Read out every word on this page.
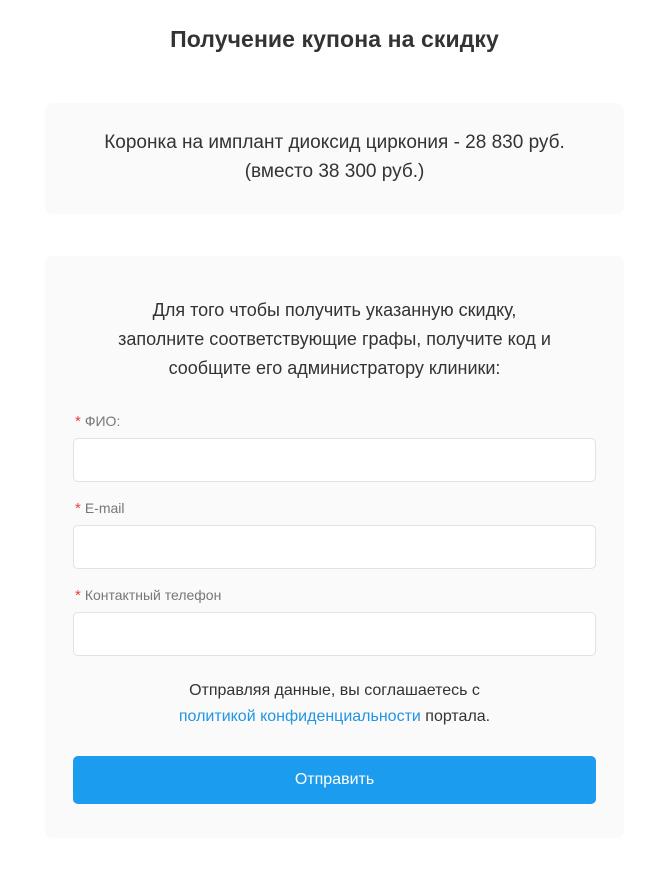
Получение купона на скидку
Коронка на имплант диоксид циркония - 28 830 руб.
(вместо 38 300 руб.)

Для того чтобы получить указанную скидку,
заполните соответствующие графы, получите код и
сообщите его администратору клиники:

* ФИО:
* E-mail
* Контактный телефон

Отправляя данные, вы соглашаетесь с
политикой конфиденциальности портала.

Отправить
